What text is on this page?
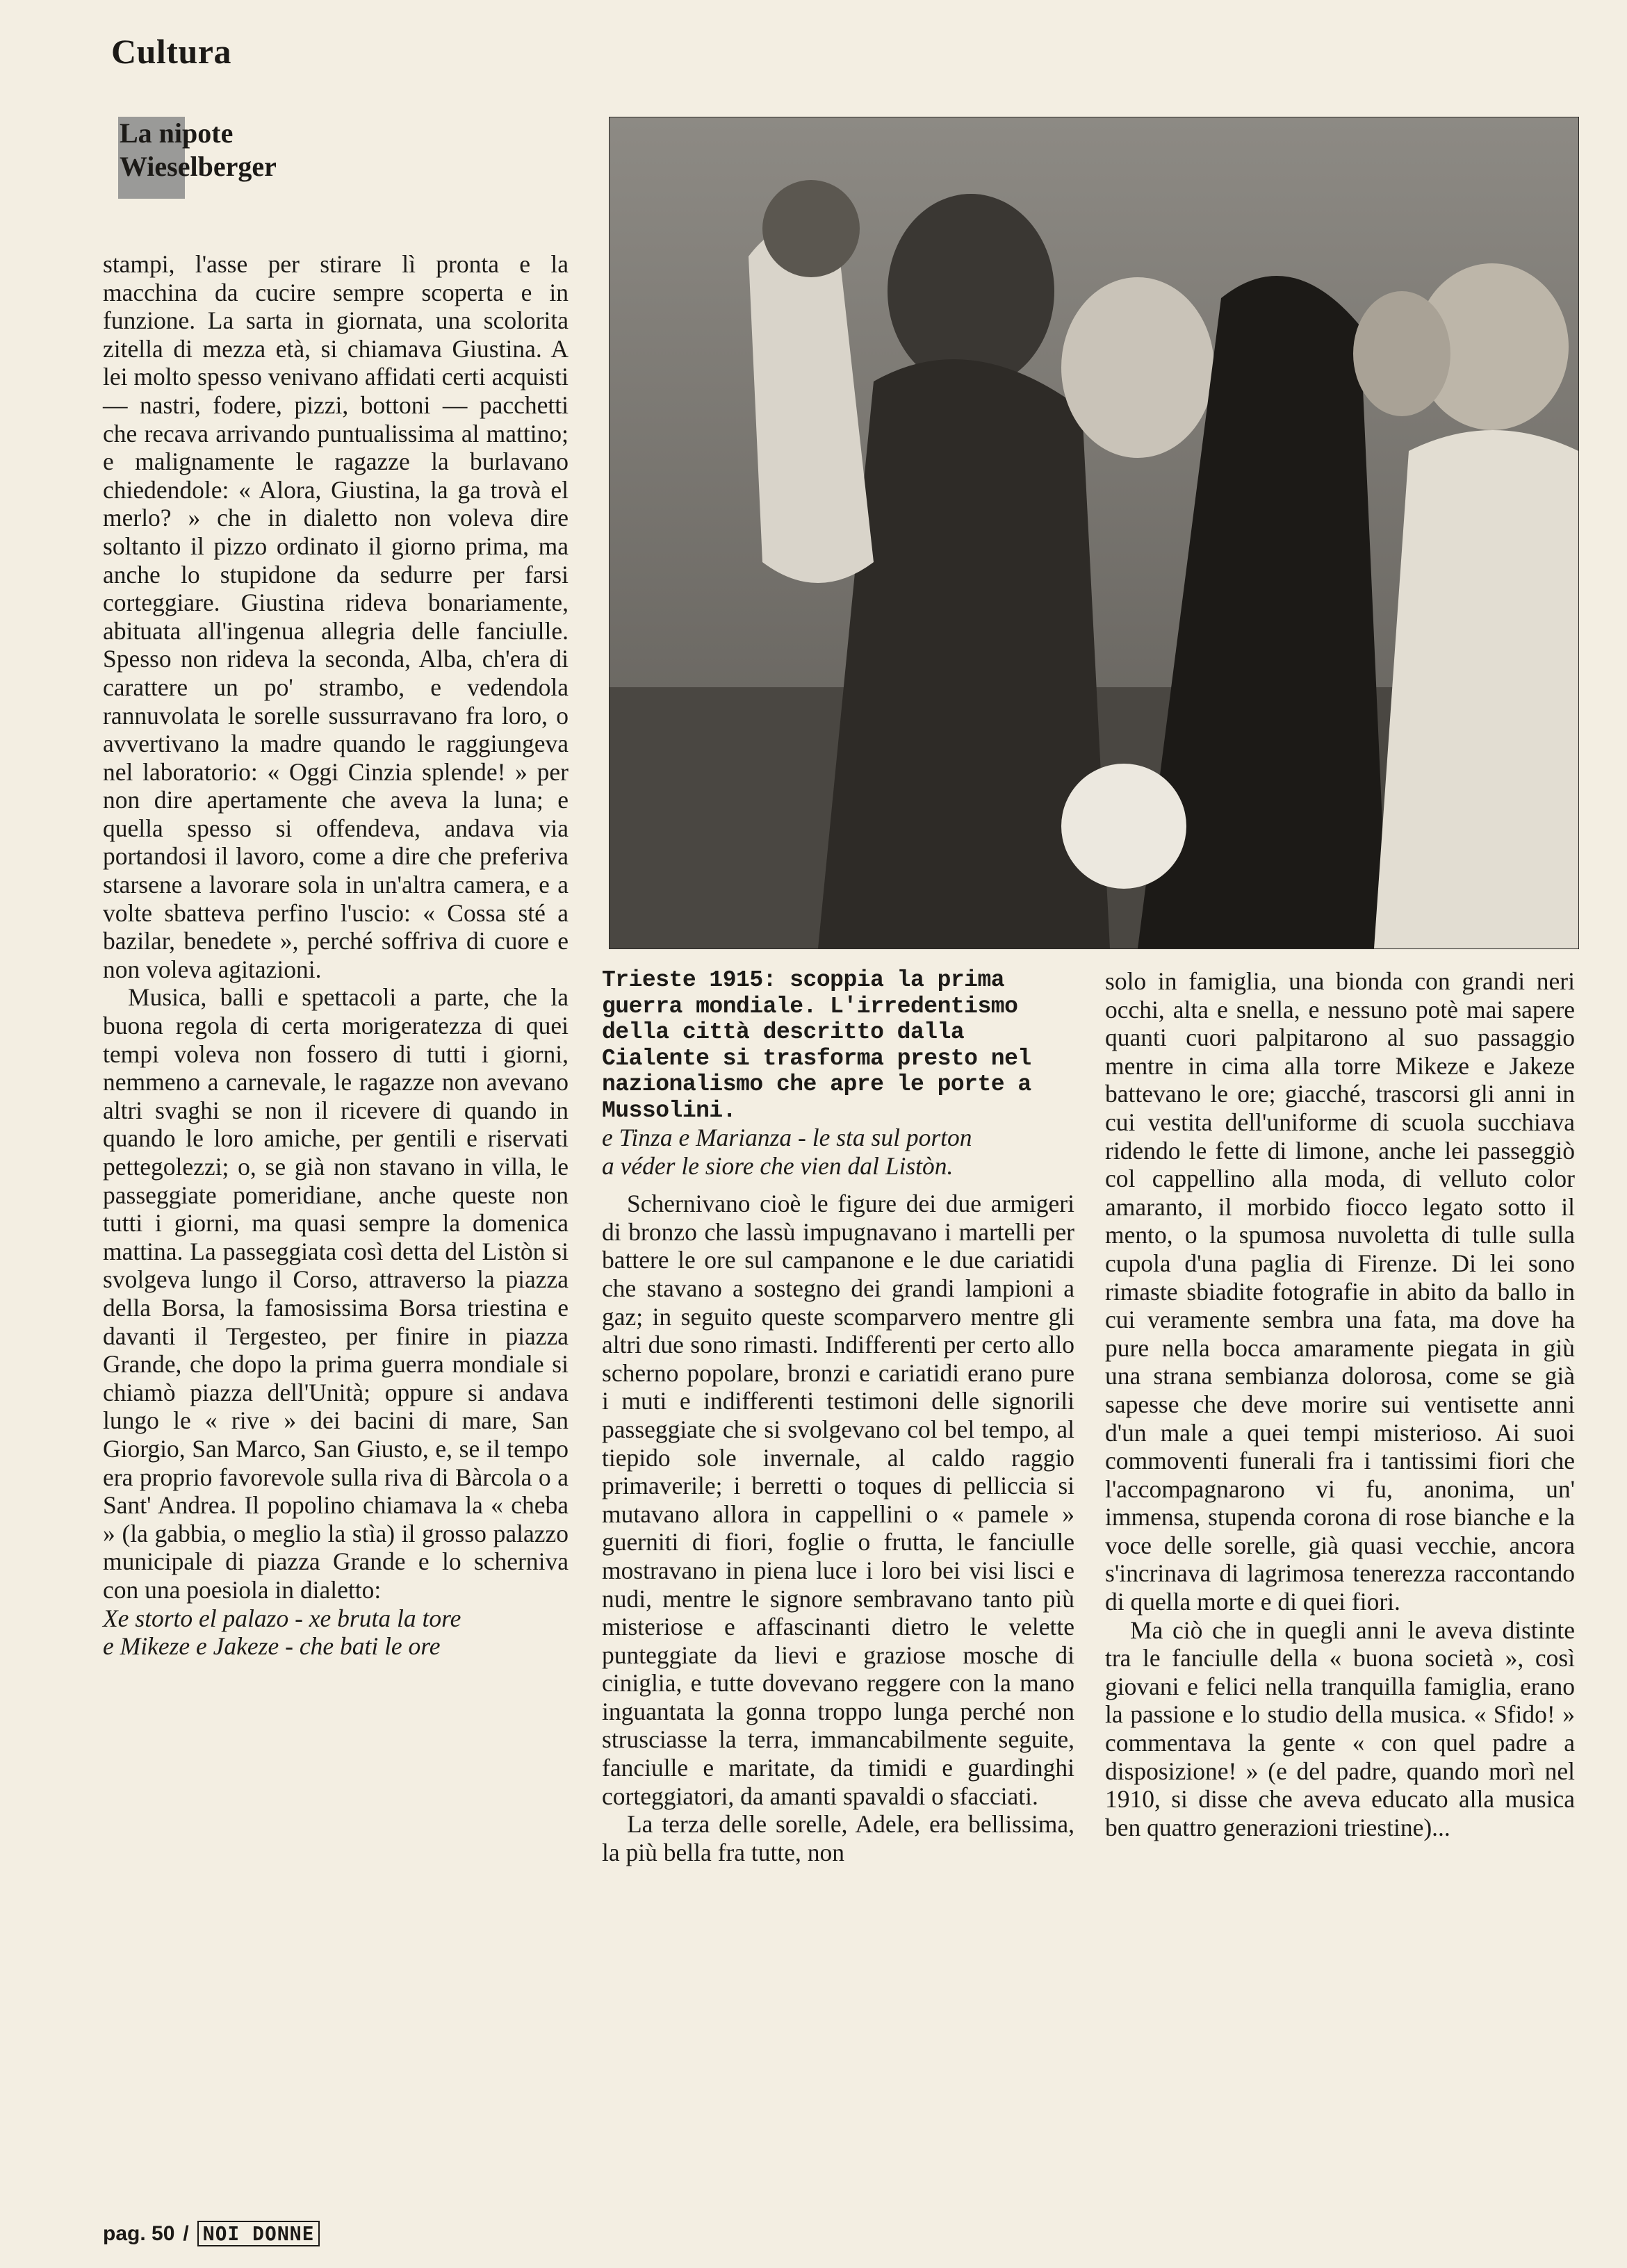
Cultura
La nipote
Wieselberger

stampi, l'asse per stirare lì pronta e la macchina da cucire sempre scoperta e in funzione. La sarta in giornata, una scolorita zitella di mezza età, si chiamava Giustina. A lei molto spesso venivano affidati certi acquisti — nastri, fodere, pizzi, bottoni — pacchetti che recava arrivando puntualissima al mattino; e malignamente le ragazze la burlavano chiedendole: « Alora, Giustina, la ga trovà el merlo? » che in dialetto non voleva dire soltanto il pizzo ordinato il giorno prima, ma anche lo stupidone da sedurre per farsi corteggiare. Giustina rideva bonariamente, abituata all'ingenua allegria delle fanciulle. Spesso non rideva la seconda, Alba, ch'era di carattere un po' strambo, e vedendola rannuvolata le sorelle sussurravano fra loro, o avvertivano la madre quando le raggiungeva nel laboratorio: « Oggi Cinzia splende! » per non dire apertamente che aveva la luna; e quella spesso si offendeva, andava via portandosi il lavoro, come a dire che preferiva starsene a lavorare sola in un'altra camera, e a volte sbatteva perfino l'uscio: « Cossa sté a bazilar, benedete », perché soffriva di cuore e non voleva agitazioni.

Musica, balli e spettacoli a parte, che la buona regola di certa morigeratezza di quei tempi voleva non fossero di tutti i giorni, nemmeno a carnevale, le ragazze non avevano altri svaghi se non il ricevere di quando in quando le loro amiche, per gentili e riservati pettegolezzi; o, se già non stavano in villa, le passeggiate pomeridiane, anche queste non tutti i giorni, ma quasi sempre la domenica mattina. La passeggiata così detta del Listòn si svolgeva lungo il Corso, attraverso la piazza della Borsa, la famosissima Borsa triestina e davanti il Tergesteo, per finire in piazza Grande, che dopo la prima guerra mondiale si chiamò piazza dell'Unità; oppure si andava lungo le « rive » dei bacini di mare, San Giorgio, San Marco, San Giusto, e, se il tempo era proprio favorevole sulla riva di Bàrcola o a Sant' Andrea. Il popolino chiamava la « cheba » (la gabbia, o meglio la stìa) il grosso palazzo municipale di piazza Grande e lo scherniva con una poesiola in dialetto:

Xe storto el palazo - xe bruta la tore
e Mikeze e Jakeze - che bati le ore

Trieste 1915: scoppia la prima guerra mondiale. L'irredentismo della città descritto dalla Cialente si trasforma presto nel nazionalismo che apre le porte a Mussolini.

e Tinza e Marianza - le sta sul porton
a véder le siore che vien dal Listòn.

Schernivano cioè le figure dei due armigeri di bronzo che lassù impugnavano i martelli per battere le ore sul campanone e le due cariatidi che stavano a sostegno dei grandi lampioni a gaz; in seguito queste scomparvero mentre gli altri due sono rimasti. Indifferenti per certo allo scherno popolare, bronzi e cariatidi erano pure i muti e indifferenti testimoni delle signorili passeggiate che si svolgevano col bel tempo, al tiepido sole invernale, al caldo raggio primaverile; i berretti o toques di pelliccia si mutavano allora in cappellini o « pamele » guerniti di fiori, foglie o frutta, le fanciulle mostravano in piena luce i loro bei visi lisci e nudi, mentre le signore sembravano tanto più misteriose e affascinanti dietro le velette punteggiate da lievi e graziose mosche di ciniglia, e tutte dovevano reggere con la mano inguantata la gonna troppo lunga perché non strusciasse la terra, immancabilmente seguite, fanciulle e maritate, da timidi e guardinghi corteggiatori, da amanti spavaldi o sfacciati.

La terza delle sorelle, Adele, era bellissima, la più bella fra tutte, non

solo in famiglia, una bionda con grandi neri occhi, alta e snella, e nessuno potè mai sapere quanti cuori palpitarono al suo passaggio mentre in cima alla torre Mikeze e Jakeze battevano le ore; giacché, trascorsi gli anni in cui vestita dell'uniforme di scuola succhiava ridendo le fette di limone, anche lei passeggiò col cappellino alla moda, di velluto color amaranto, il morbido fiocco legato sotto il mento, o la spumosa nuvoletta di tulle sulla cupola d'una paglia di Firenze. Di lei sono rimaste sbiadite fotografie in abito da ballo in cui veramente sembra una fata, ma dove ha pure nella bocca amaramente piegata in giù una strana sembianza dolorosa, come se già sapesse che deve morire sui ventisette anni d'un male a quei tempi misterioso. Ai suoi commoventi funerali fra i tantissimi fiori che l'accompagnarono vi fu, anonima, un' immensa, stupenda corona di rose bianche e la voce delle sorelle, già quasi vecchie, ancora s'incrinava di lagrimosa tenerezza raccontando di quella morte e di quei fiori.

Ma ciò che in quegli anni le aveva distinte tra le fanciulle della « buona società », così giovani e felici nella tranquilla famiglia, erano la passione e lo studio della musica. « Sfido! » commentava la gente « con quel padre a disposizione! » (e del padre, quando morì nel 1910, si disse che aveva educato alla musica ben quattro generazioni triestine)...

pag. 50 / NOI DONNE
